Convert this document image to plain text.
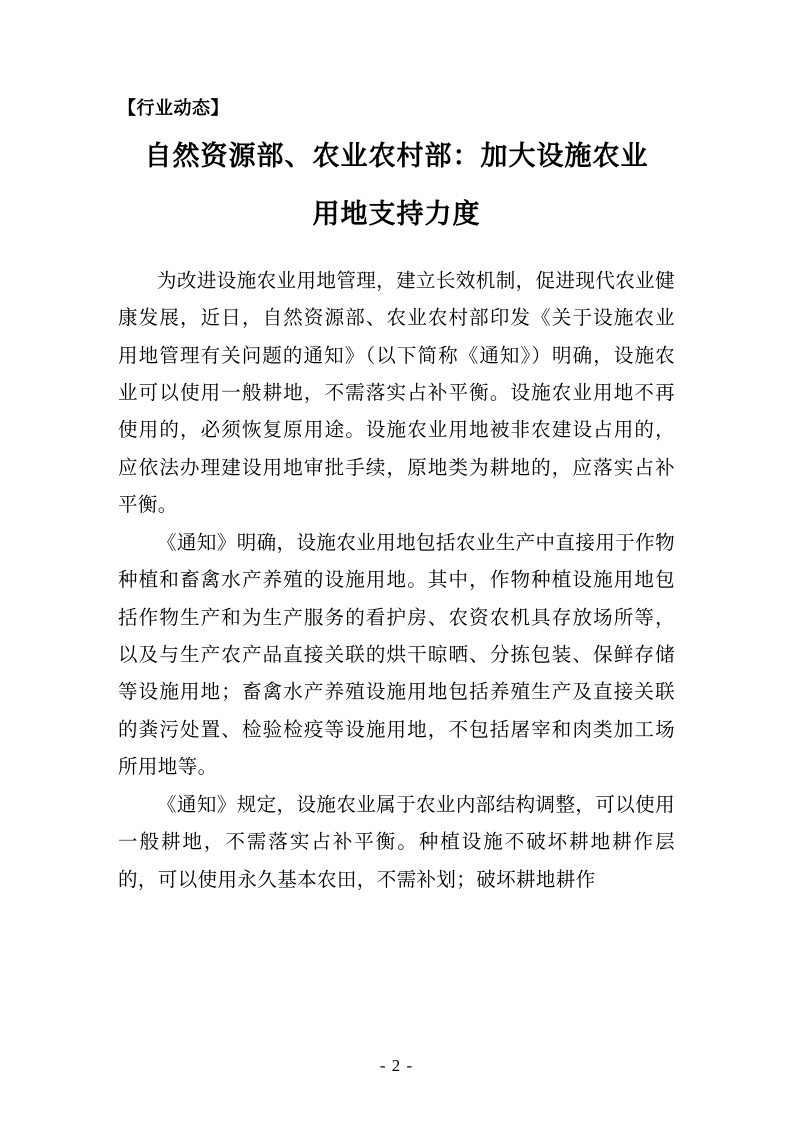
【行业动态】
自然资源部、农业农村部：加大设施农业
用地支持力度

为改进设施农业用地管理，建立长效机制，促进现代农业健康发展，近日，自然资源部、农业农村部印发《关于设施农业用地管理有关问题的通知》（以下简称《通知》）明确，设施农业可以使用一般耕地，不需落实占补平衡。设施农业用地不再使用的，必须恢复原用途。设施农业用地被非农建设占用的，应依法办理建设用地审批手续，原地类为耕地的，应落实占补平衡。

《通知》明确，设施农业用地包括农业生产中直接用于作物种植和畜禽水产养殖的设施用地。其中，作物种植设施用地包括作物生产和为生产服务的看护房、农资农机具存放场所等，以及与生产农产品直接关联的烘干晾晒、分拣包装、保鲜存储等设施用地；畜禽水产养殖设施用地包括养殖生产及直接关联的粪污处置、检验检疫等设施用地，不包括屠宰和肉类加工场所用地等。

《通知》规定，设施农业属于农业内部结构调整，可以使用一般耕地，不需落实占补平衡。种植设施不破坏耕地耕作层的，可以使用永久基本农田，不需补划；破坏耕地耕作

- 2 -
